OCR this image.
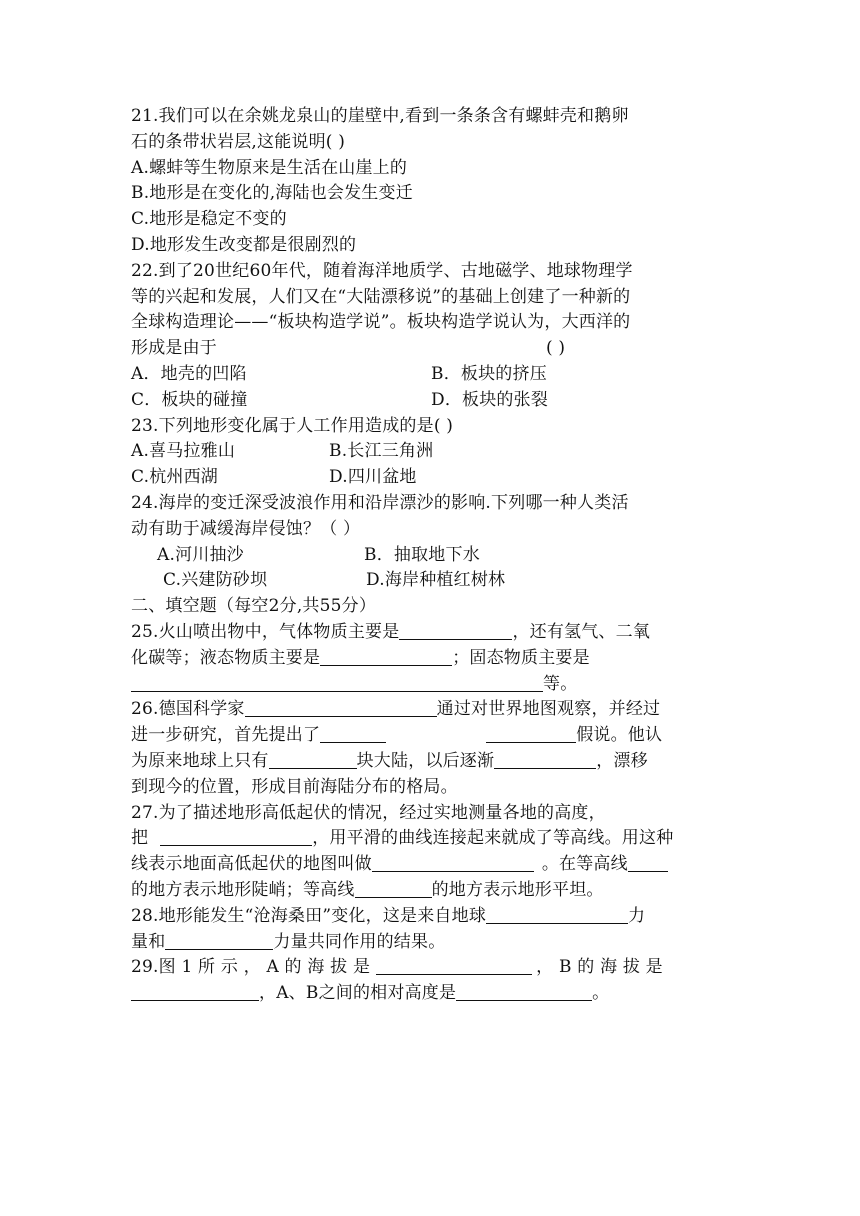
21.我们可以在余姚龙泉山的崖壁中,看到一条条含有螺蚌壳和鹅卵
石的条带状岩层,这能说明( )
A.螺蚌等生物原来是生活在山崖上的
B.地形是在变化的,海陆也会发生变迁
C.地形是稳定不变的
D.地形发生改变都是很剧烈的
22.到了20世纪60年代，随着海洋地质学、古地磁学、地球物理学
等的兴起和发展，人们又在“大陆漂移说”的基础上创建了一种新的
全球构造理论——“板块构造学说”。板块构造学说认为，大西洋的
形成是由于	( )
A．地壳的凹陷	B．板块的挤压
C．板块的碰撞	D．板块的张裂
23.下列地形变化属于人工作用造成的是( )
A.喜马拉雅山	B.长江三角洲
C.杭州西湖	D.四川盆地
24.海岸的变迁深受波浪作用和沿岸漂沙的影响.下列哪一种人类活
动有助于减缓海岸侵蚀？（ ）
A.河川抽沙	B．抽取地下水
C.兴建防砂坝	D.海岸种植红树林
二、填空题（每空2分,共55分）
25.火山喷出物中，气体物质主要是	，还有氢气、二氧
化碳等；液态物质主要是	；固态物质主要是
等。
26.德国科学家	通过对世界地图观察，并经过
进一步研究，首先提出了	假说。他认
为原来地球上只有	块大陆，以后逐渐	，漂移
到现今的位置，形成目前海陆分布的格局。
27.为了描述地形高低起伏的情况，经过实地测量各地的高度，
把	，用平滑的曲线连接起来就成了等高线。用这种
线表示地面高低起伏的地图叫做	。在等高线
的地方表示地形陡峭；等高线	的地方表示地形平坦。
28.地形能发生“沧海桑田”变化，这是来自地球	力
量和	力量共同作用的结果。
29.图 1 所 示 ， A 的 海 拔 是	， B 的 海 拔 是
，A、B之间的相对高度是	。
